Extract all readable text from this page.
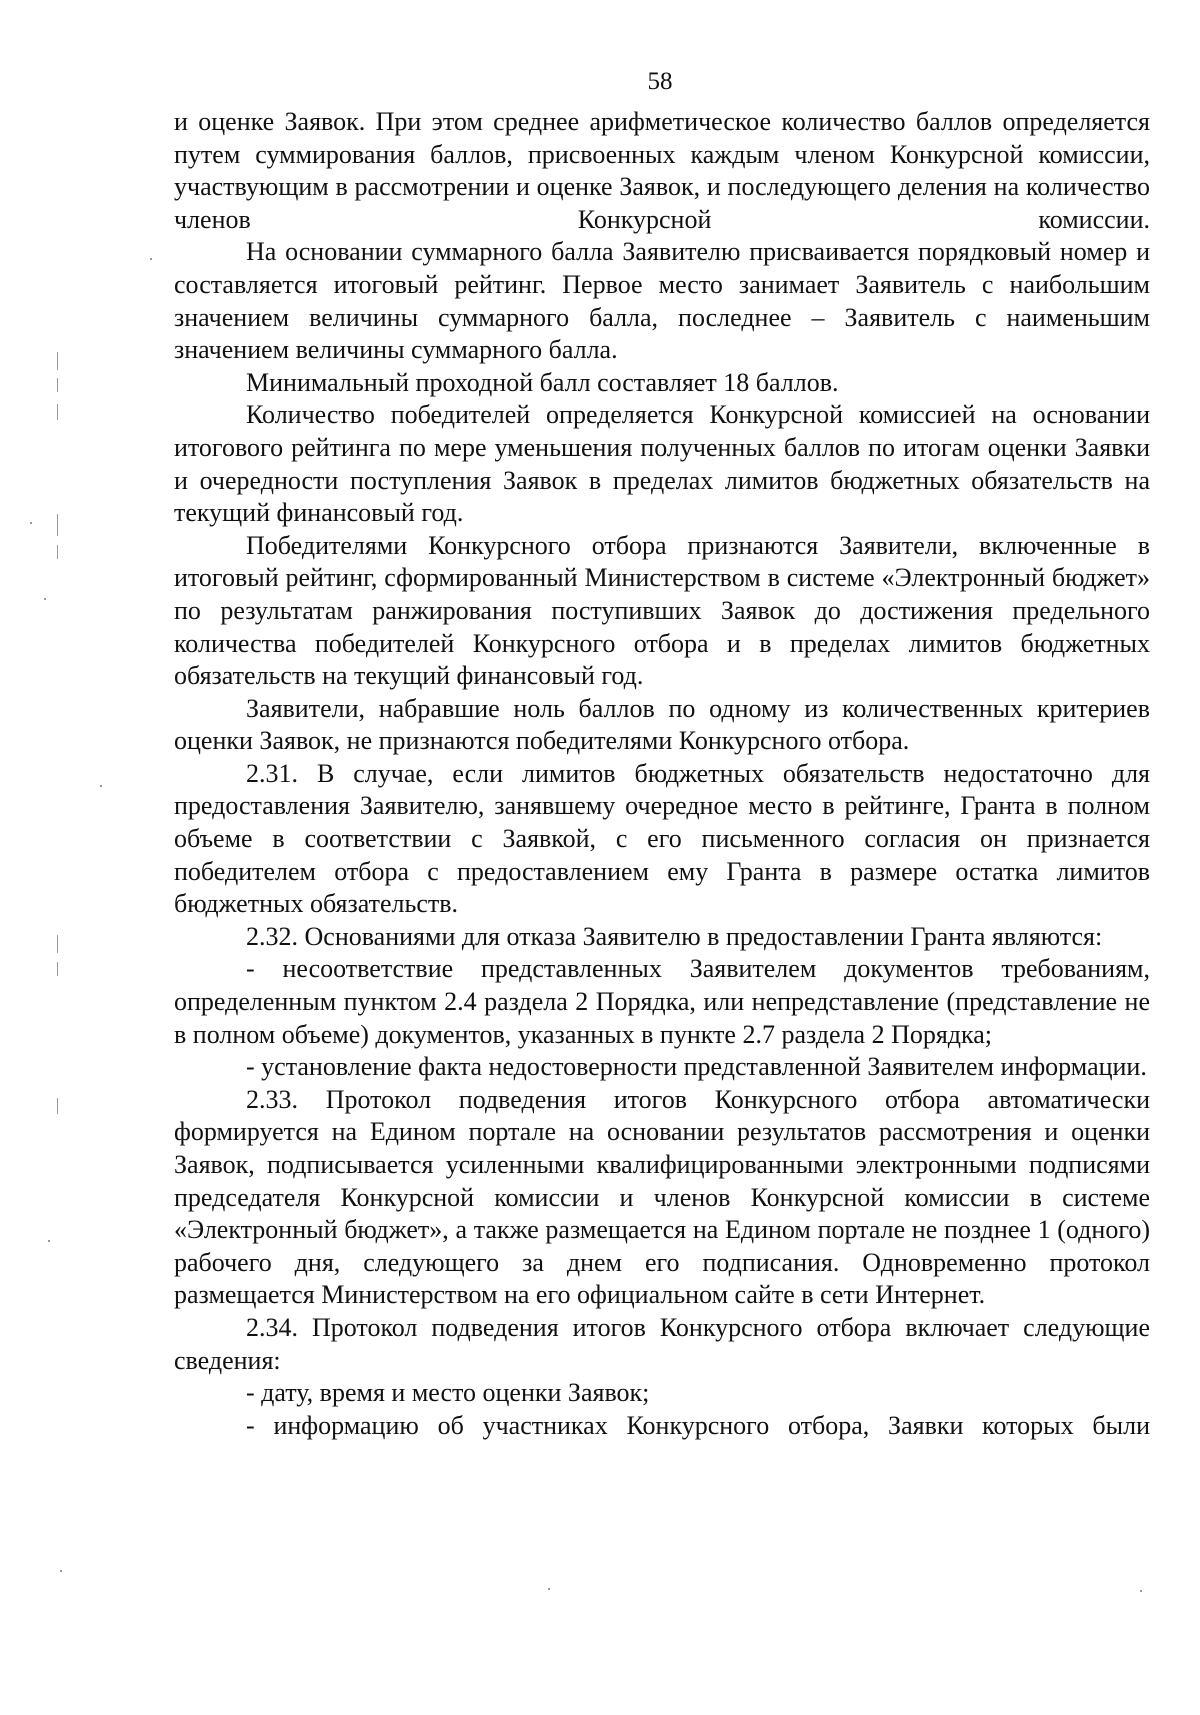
58

и оценке Заявок. При этом среднее арифметическое количество баллов определяется путем суммирования баллов, присвоенных каждым членом Конкурсной комиссии, участвующим в рассмотрении и оценке Заявок, и последующего деления на количество членов Конкурсной комиссии.

На основании суммарного балла Заявителю присваивается порядковый номер и составляется итоговый рейтинг. Первое место занимает Заявитель с наибольшим значением величины суммарного балла, последнее – Заявитель с наименьшим значением величины суммарного балла.

Минимальный проходной балл составляет 18 баллов.

Количество победителей определяется Конкурсной комиссией на основании итогового рейтинга по мере уменьшения полученных баллов по итогам оценки Заявки и очередности поступления Заявок в пределах лимитов бюджетных обязательств на текущий финансовый год.

Победителями Конкурсного отбора признаются Заявители, включенные в итоговый рейтинг, сформированный Министерством в системе «Электронный бюджет» по результатам ранжирования поступивших Заявок до достижения предельного количества победителей Конкурсного отбора и в пределах лимитов бюджетных обязательств на текущий финансовый год.

Заявители, набравшие ноль баллов по одному из количественных критериев оценки Заявок, не признаются победителями Конкурсного отбора.

2.31. В случае, если лимитов бюджетных обязательств недостаточно для предоставления Заявителю, занявшему очередное место в рейтинге, Гранта в полном объеме в соответствии с Заявкой, с его письменного согласия он признается победителем отбора с предоставлением ему Гранта в размере остатка лимитов бюджетных обязательств.

2.32. Основаниями для отказа Заявителю в предоставлении Гранта являются:

- несоответствие представленных Заявителем документов требованиям, определенным пунктом 2.4 раздела 2 Порядка, или непредставление (представление не в полном объеме) документов, указанных в пункте 2.7 раздела 2 Порядка;

- установление факта недостоверности представленной Заявителем информации.

2.33. Протокол подведения итогов Конкурсного отбора автоматически формируется на Едином портале на основании результатов рассмотрения и оценки Заявок, подписывается усиленными квалифицированными электронными подписями председателя Конкурсной комиссии и членов Конкурсной комиссии в системе «Электронный бюджет», а также размещается на Едином портале не позднее 1 (одного) рабочего дня, следующего за днем его подписания. Одновременно протокол размещается Министерством на его официальном сайте в сети Интернет.

2.34. Протокол подведения итогов Конкурсного отбора включает следующие сведения:

- дату, время и место оценки Заявок;

- информацию об участниках Конкурсного отбора, Заявки которых были
